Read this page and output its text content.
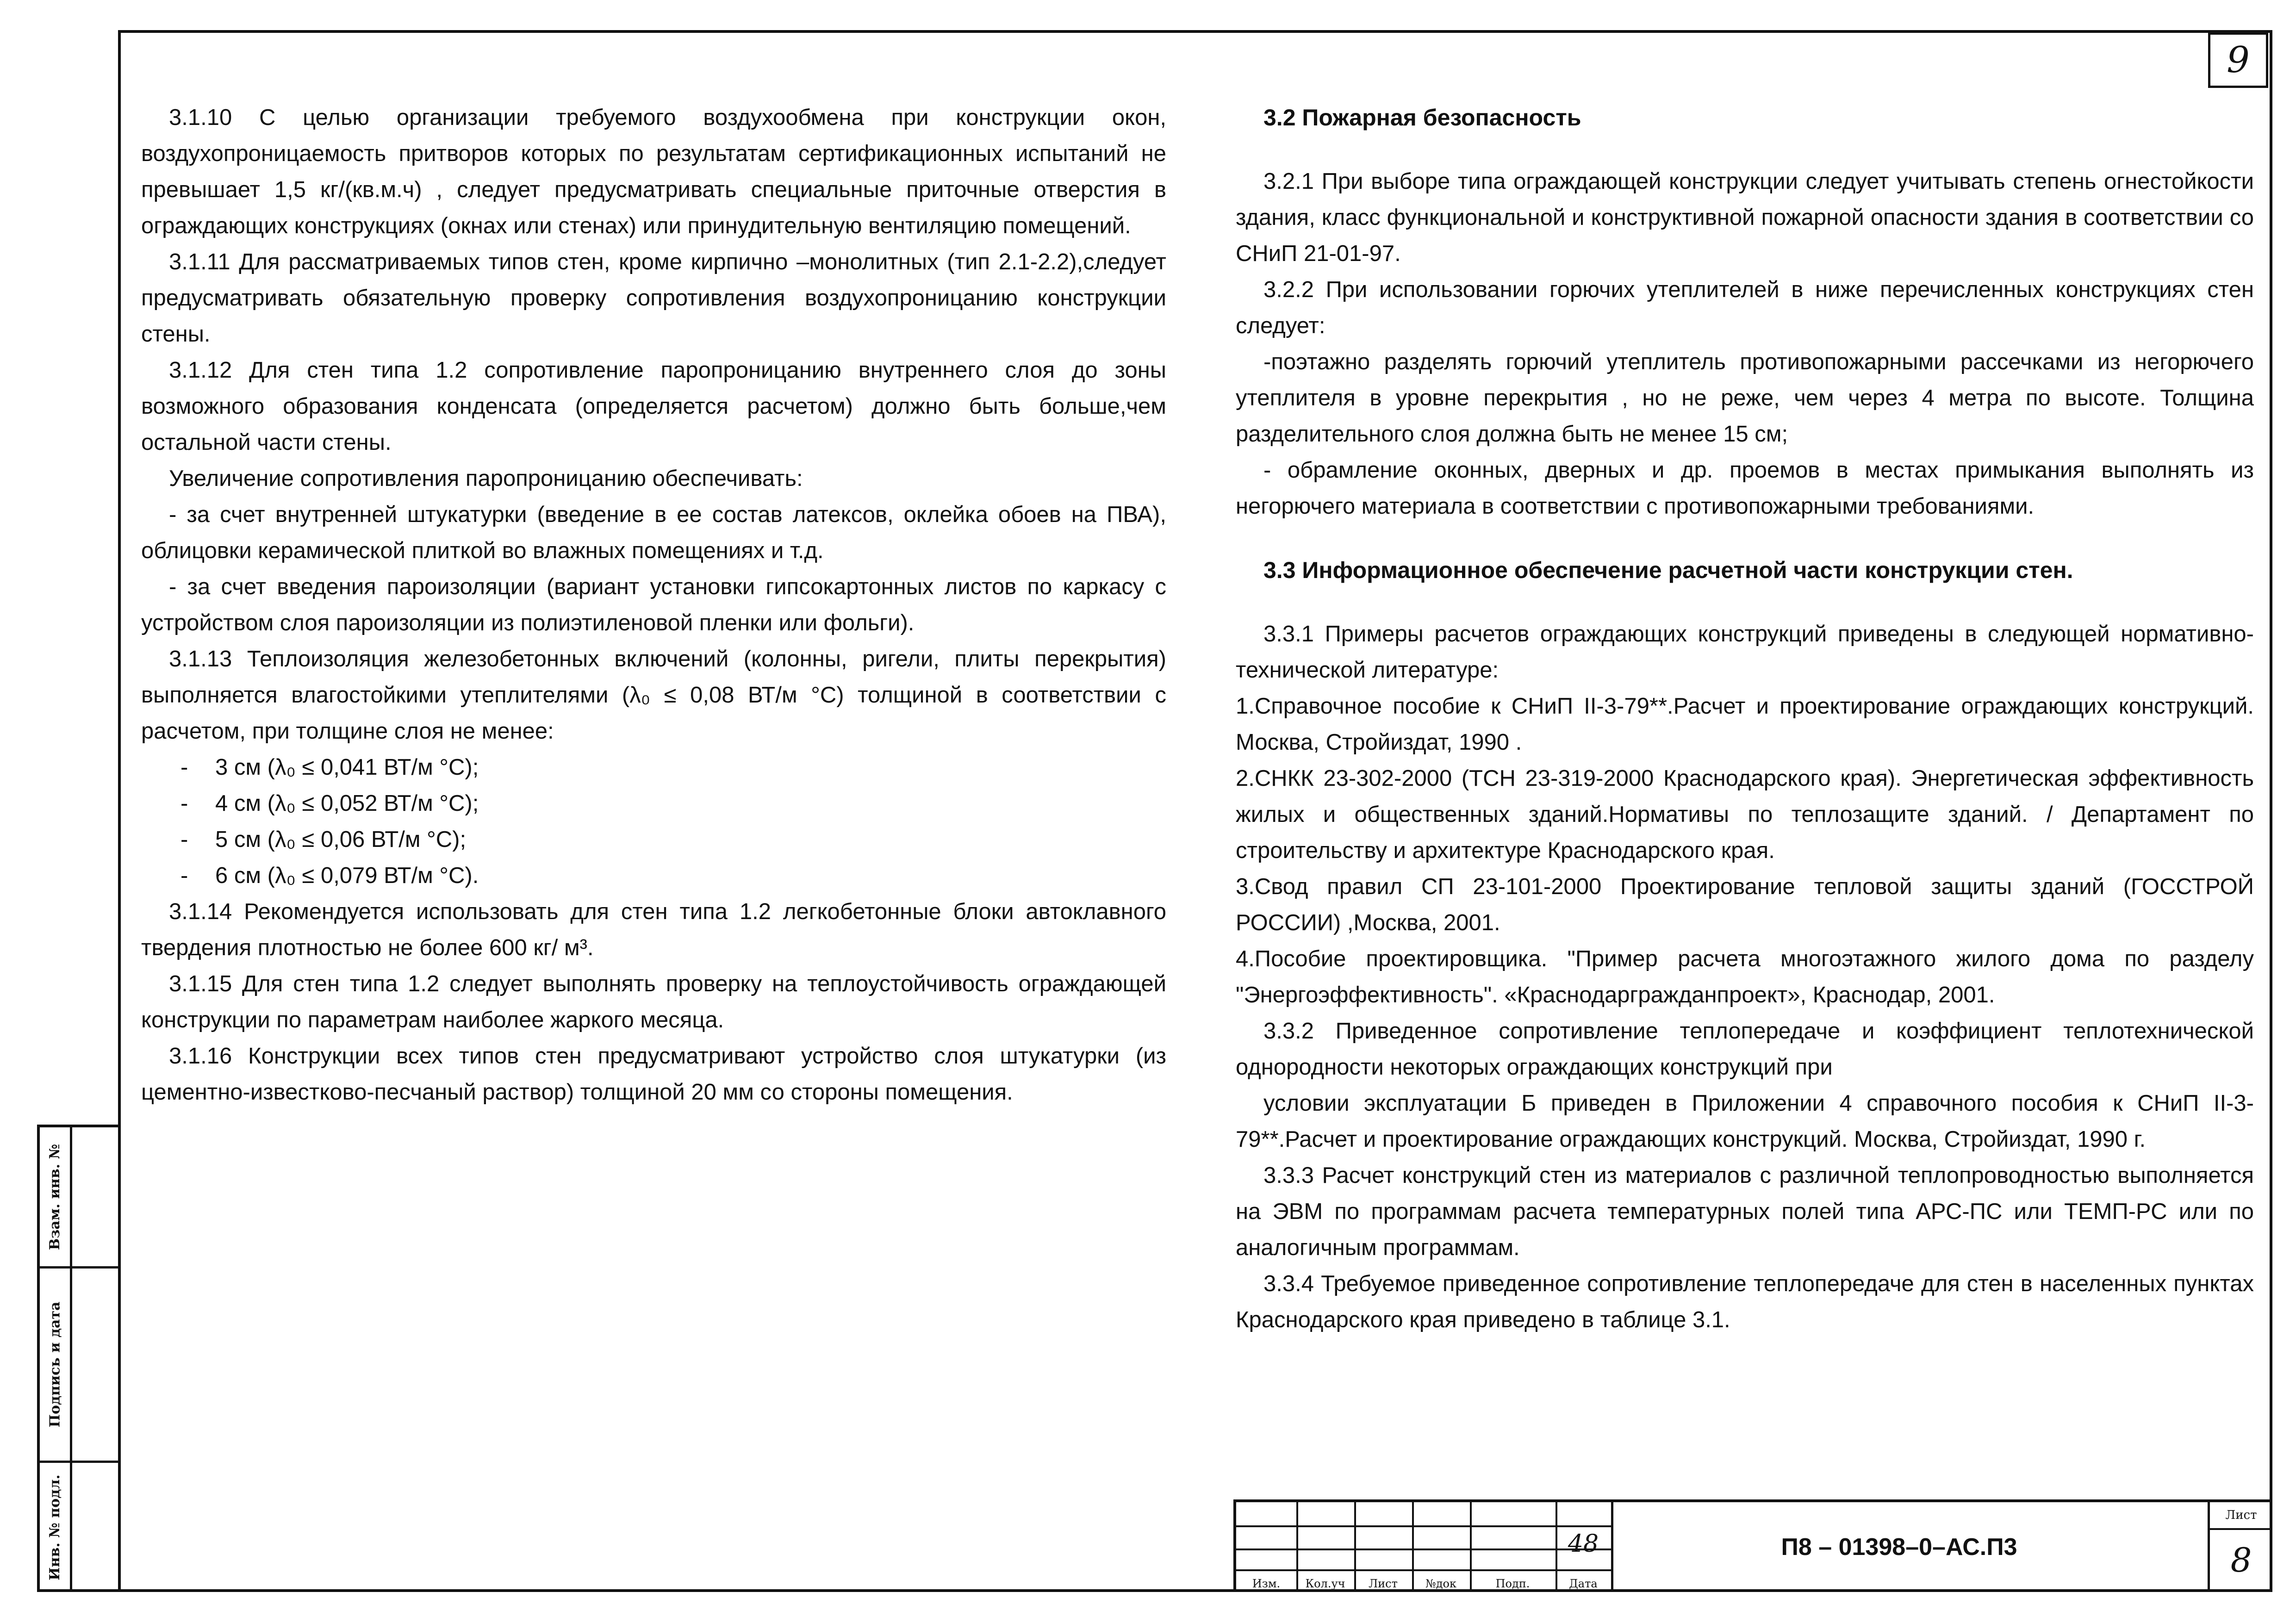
9

3.1.10 С целью организации требуемого воздухообмена при конструкции окон, воздухопроницаемость притворов которых по результатам сертификационных испытаний не превышает 1,5 кг/(кв.м.ч) , следует предусматривать специальные приточные отверстия в ограждающих конструкциях (окнах или стенах) или принудительную вентиляцию помещений.

3.1.11 Для рассматриваемых типов стен, кроме кирпично –монолитных (тип 2.1-2.2),следует предусматривать обязательную проверку сопротивления воздухопроницанию конструкции стены.

3.1.12 Для стен типа 1.2 сопротивление паропроницанию внутреннего слоя до зоны возможного образования конденсата (определяется расчетом) должно быть больше,чем остальной части стены.

Увеличение сопротивления паропроницанию обеспечивать:

- за счет внутренней штукатурки (введение в ее состав латексов, оклейка обоев на ПВА), облицовки керамической плиткой во влажных помещениях и т.д.

- за счет введения пароизоляции (вариант установки гипсокартонных листов по каркасу с устройством слоя пароизоляции из полиэтиленовой пленки или фольги).

3.1.13 Теплоизоляция железобетонных включений (колонны, ригели, плиты перекрытия) выполняется влагостойкими утеплителями (λ₀ ≤ 0,08 ВТ/м °С) толщиной в соответствии с расчетом, при толщине слоя не менее:

- 3 см (λ₀ ≤ 0,041 ВТ/м °С);
- 4 см (λ₀ ≤ 0,052 ВТ/м °С);
- 5 см (λ₀ ≤ 0,06 ВТ/м °С);
- 6 см (λ₀ ≤ 0,079 ВТ/м °С).

3.1.14 Рекомендуется использовать для стен типа 1.2 легкобетонные блоки автоклавного твердения плотностью не более 600 кг/ м³.

3.1.15 Для стен типа 1.2 следует выполнять проверку на теплоустойчивость ограждающей конструкции по параметрам наиболее жаркого месяца.

3.1.16 Конструкции всех типов стен предусматривают устройство слоя штукатурки (из цементно-известково-песчаный раствор) толщиной 20 мм со стороны помещения.

3.2 Пожарная безопасность

3.2.1 При выборе типа ограждающей конструкции следует учитывать степень огнестойкости здания, класс функциональной и конструктивной пожарной опасности здания в соответствии со СНиП 21-01-97.

3.2.2 При использовании горючих утеплителей в ниже перечисленных конструкциях стен следует:

-поэтажно разделять горючий утеплитель противопожарными рассечками из негорючего утеплителя в уровне перекрытия , но не реже, чем через 4 метра по высоте. Толщина разделительного слоя должна быть не менее 15 см;

- обрамление оконных, дверных и др. проемов в местах примыкания выполнять из негорючего материала в соответствии с противопожарными требованиями.

3.3 Информационное обеспечение расчетной части конструкции стен.

3.3.1 Примеры расчетов ограждающих конструкций приведены в следующей нормативно-технической литературе:

1.Справочное пособие к СНиП II-3-79**.Расчет и проектирование ограждающих конструкций. Москва, Стройиздат, 1990 .

2.СНКК 23-302-2000 (ТСН 23-319-2000 Краснодарского края). Энергетическая эффективность жилых и общественных зданий.Нормативы по теплозащите зданий. / Департамент по строительству и архитектуре Краснодарского края.

3.Свод правил СП 23-101-2000 Проектирование тепловой защиты зданий (ГОССТРОЙ РОССИИ) ,Москва, 2001.

4.Пособие проектировщика. "Пример расчета многоэтажного жилого дома по разделу "Энергоэффективность". «Краснодаргражданпроект», Краснодар, 2001.

3.3.2 Приведенное сопротивление теплопередаче и коэффициент теплотехнической однородности некоторых ограждающих конструкций при

условии эксплуатации Б приведен в Приложении 4 справочного пособия к СНиП II-3-79**.Расчет и проектирование ограждающих конструкций. Москва, Стройиздат, 1990 г.

3.3.3 Расчет конструкций стен из материалов с различной теплопроводностью выполняется на ЭВМ по программам расчета температурных полей типа АРС-ПС или ТЕМП-РС или по аналогичным программам.

3.3.4 Требуемое приведенное сопротивление теплопередаче для стен в населенных пунктах Краснодарского края приведено в таблице 3.1.

Взам. инв. №
Подпись и дата
Инв. № подл.
Изм.	Кол.уч	Лист	№док	Подп.	Дата
48	П8 – 01398–0–АС.П3
Лист
8
